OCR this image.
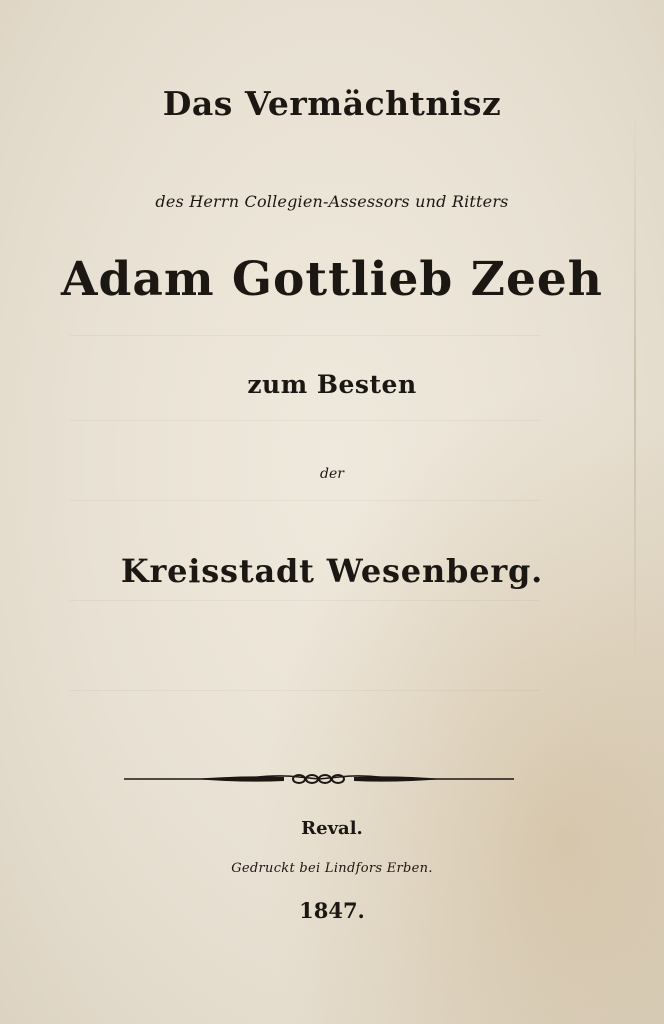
Das Vermächtnisz
des Herrn Collegien-Assessors und Ritters
Adam Gottlieb Zeeh
zum Besten
der
Kreisstadt Wesenberg.
Reval.
Gedruckt bei Lindfors Erben.
1847.
